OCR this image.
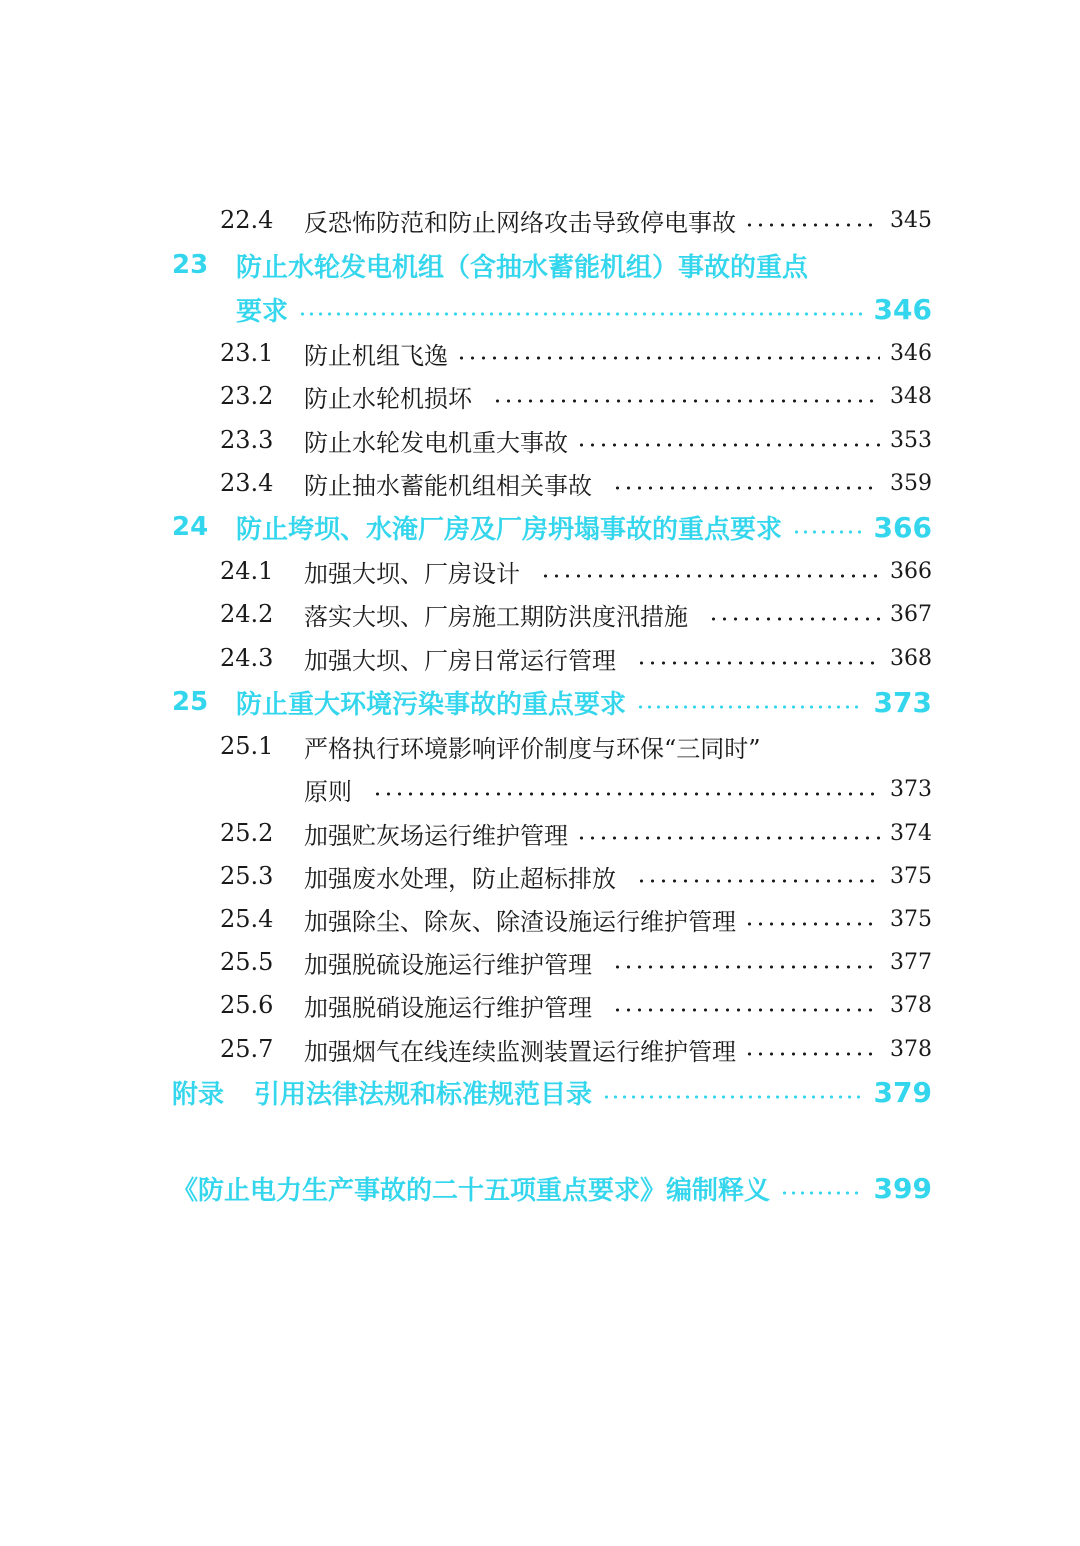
22.4	反恐怖防范和防止网络攻击导致停电事故	345
23	防止水轮发电机组（含抽水蓄能机组）事故的重点
要求	346
23.1	防止机组飞逸	346
23.2	防止水轮机损坏	348
23.3	防止水轮发电机重大事故	353
23.4	防止抽水蓄能机组相关事故	359
24	防止垮坝、水淹厂房及厂房坍塌事故的重点要求	366
24.1	加强大坝、厂房设计	366
24.2	落实大坝、厂房施工期防洪度汛措施	367
24.3	加强大坝、厂房日常运行管理	368
25	防止重大环境污染事故的重点要求	373
25.1	严格执行环境影响评价制度与环保“三同时”
原则	373
25.2	加强贮灰场运行维护管理	374
25.3	加强废水处理，防止超标排放	375
25.4	加强除尘、除灰、除渣设施运行维护管理	375
25.5	加强脱硫设施运行维护管理	377
25.6	加强脱硝设施运行维护管理	378
25.7	加强烟气在线连续监测装置运行维护管理	378
附录	引用法律法规和标准规范目录	379
《防止电力生产事故的二十五项重点要求》编制释义	399
